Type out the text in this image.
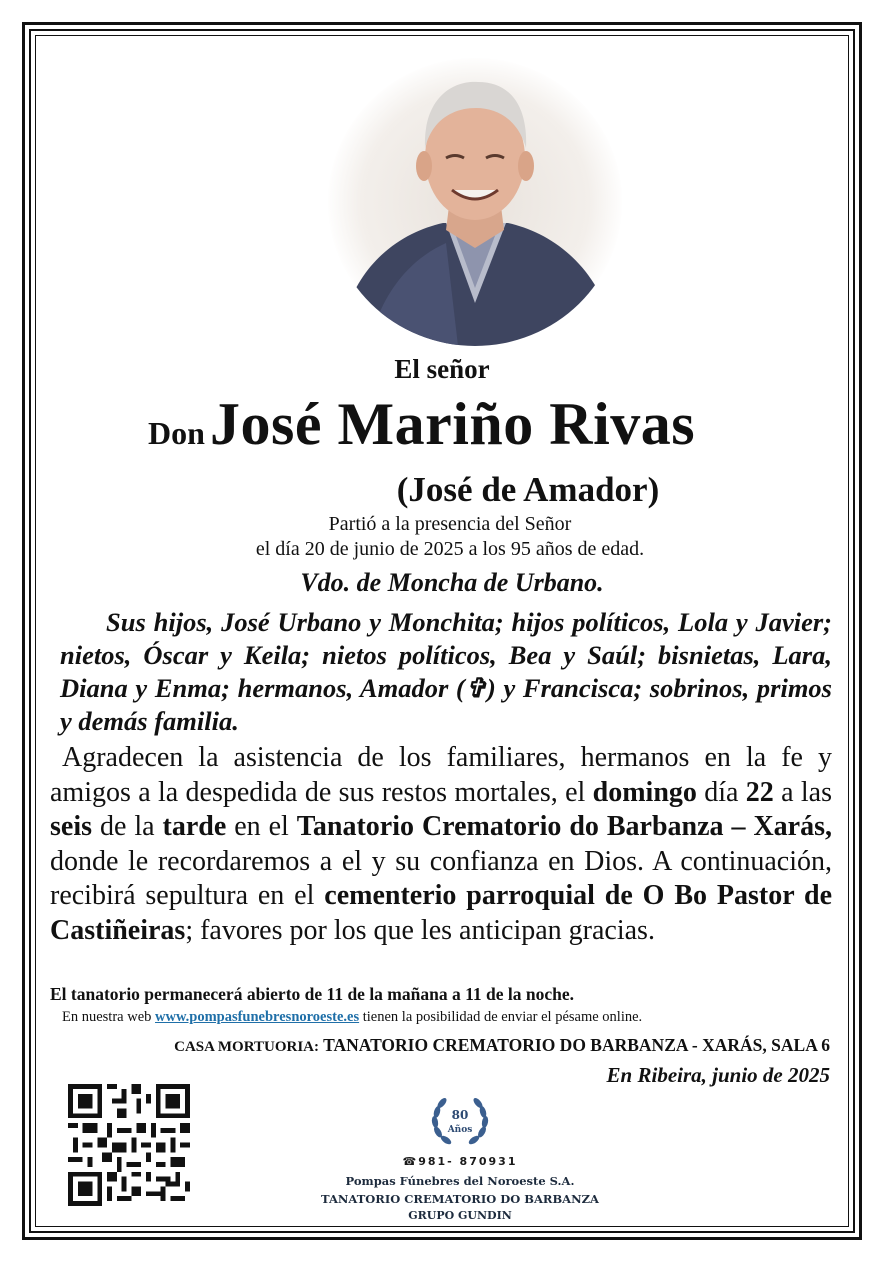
El señor
Don José Mariño Rivas
(José de Amador)
Partió a la presencia del Señor
el día 20 de junio de 2025 a los 95 años de edad.
Vdo. de Moncha de Urbano.
Sus hijos, José Urbano y Monchita; hijos políticos, Lola y Javier; nietos, Óscar y Keila; nietos políticos, Bea y Saúl; bisnietas, Lara, Diana y Enma; hermanos, Amador (✞) y Francisca; sobrinos, primos y demás familia.
Agradecen la asistencia de los familiares, hermanos en la fe y amigos a la despedida de sus restos mortales, el domingo día 22 a las seis de la tarde en el Tanatorio Crematorio do Barbanza – Xarás, donde le recordaremos a el y su confianza en Dios. A continuación, recibirá sepultura en el cementerio parroquial de O Bo Pastor de Castiñeiras; favores por los que les anticipan gracias.
El tanatorio permanecerá abierto de 11 de la mañana a 11 de la noche.
En nuestra web www.pompasfunebresnoroeste.es tienen la posibilidad de enviar el pésame online.
CASA MORTUORIA: TANATORIO CREMATORIO DO BARBANZA - XARÁS, SALA 6
En Ribeira, junio de 2025
80
Años
☎981- 870931
Pompas Fúnebres del Noroeste S.A.
TANATORIO CREMATORIO DO BARBANZA
GRUPO GUNDIN
